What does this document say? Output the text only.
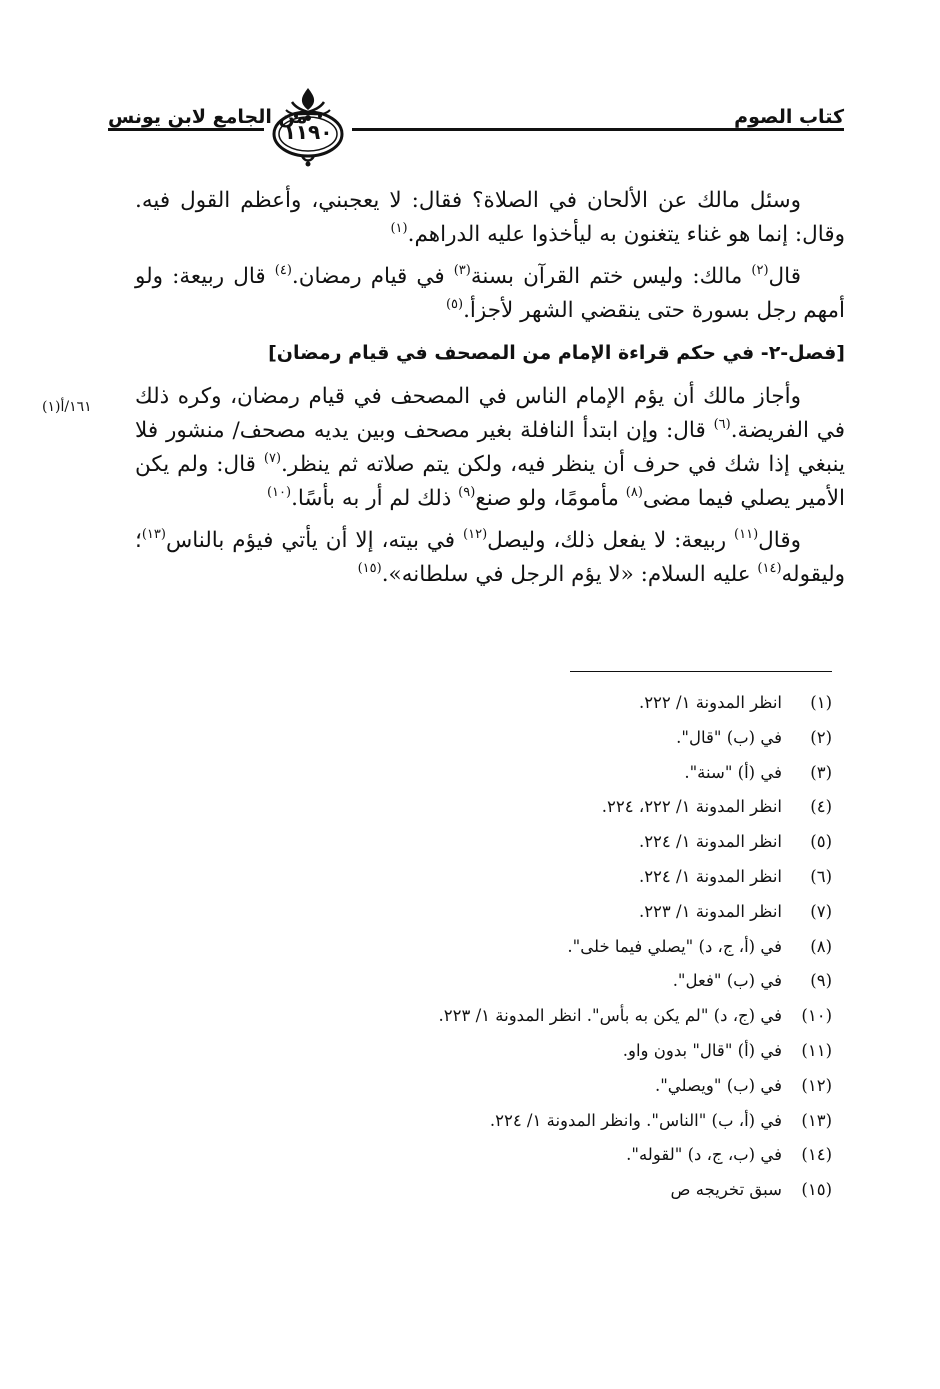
كتاب الصوم
١١٩٠
من الجامع لابن يونس

وسئل مالك عن الألحان في الصلاة؟ فقال: لا يعجبني، وأعظم القول فيه. وقال: إنما هو غناء يتغنون به ليأخذوا عليه الدراهم.$^{(١)}$

قال$^{(٢)}$ مالك: وليس ختم القرآن بسنة$^{(٣)}$ في قيام رمضان.$^{(٤)}$ قال ربيعة: ولو أمهم رجل بسورة حتى ينقضي الشهر لأجزأ.$^{(٥)}$

[فصل-٢- في حكم قراءة الإمام من المصحف في قيام رمضان]

وأجاز مالك أن يؤم الإمام الناس في المصحف في قيام رمضان، وكره ذلك في الفريضة.$^{(٦)}$ قال: وإن ابتدأ النافلة بغير مصحف وبين يديه مصحف/ منشور فلا ينبغي إذا شك في حرف أن ينظر فيه، ولكن يتم صلاته ثم ينظر.$^{(٧)}$ قال: ولم يكن الأمير يصلي فيما مضى$^{(٨)}$ مأمومًا، ولو صنع$^{(٩)}$ ذلك لم أر به بأسًا.$^{(١٠)}$

وقال$^{(١١)}$ ربيعة: لا يفعل ذلك، وليصل$^{(١٢)}$ في بيته، إلا أن يأتي فيؤم بالناس$^{(١٣)}$؛ وليقوله$^{(١٤)}$ عليه السلام: «لا يؤم الرجل في سلطانه».$^{(١٥)}$

١٦١/أ(١)
(١)انظر المدونة ١/ ٢٢٢.
(٢)في (ب) "قال".
(٣)في (أ) "سنة".
(٤)انظر المدونة ١/ ٢٢٢، ٢٢٤.
(٥)انظر المدونة ١/ ٢٢٤.
(٦)انظر المدونة ١/ ٢٢٤.
(٧)انظر المدونة ١/ ٢٢٣.
(٨)في (أ، ج، د) "يصلي فيما خلى".
(٩)في (ب) "فعل".
(١٠)في (ج، د) "لم يكن به بأس". انظر المدونة ١/ ٢٢٣.
(١١)في (أ) "قال" بدون واو.
(١٢)في (ب) "ويصلي".
(١٣)في (أ، ب) "الناس". وانظر المدونة ١/ ٢٢٤.
(١٤)في (ب، ج، د) "لقوله".
(١٥)سبق تخريجه ص
